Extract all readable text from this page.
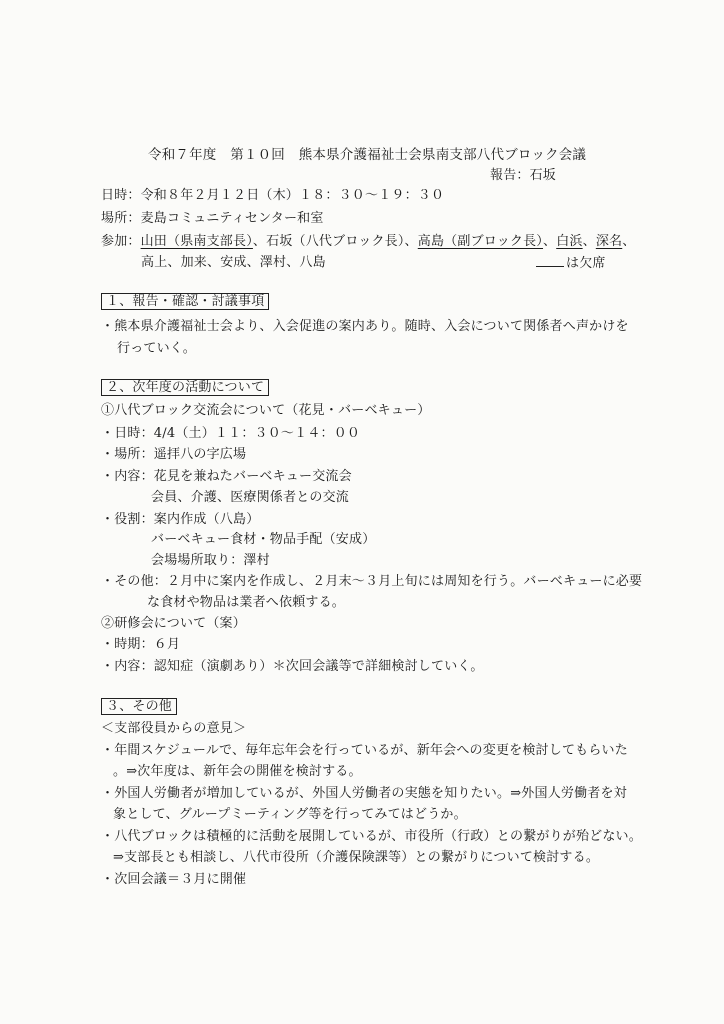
令和７年度　第１０回　熊本県介護福祉士会県南支部八代ブロック会議
報告：石坂
日時：令和８年２月１２日（木）１８：３０～１９：３０
場所：麦島コミュニティセンター和室
参加：山田（県南支部長）、石坂（八代ブロック長）、高島（副ブロック長）、白浜、深名、
高上、加来、安成、澤村、八島	は欠席
１、報告・確認・討議事項
・熊本県介護福祉士会より、入会促進の案内あり。随時、入会について関係者へ声かけを
行っていく。
２、次年度の活動について
①八代ブロック交流会について（花見・バーベキュー）
・日時：4/4（土）１１：３０～１４：００
・場所：遥拝八の字広場
・内容：花見を兼ねたバーベキュー交流会
会員、介護、医療関係者との交流
・役割：案内作成（八島）
バーベキュー食材・物品手配（安成）
会場場所取り：澤村
・その他：２月中に案内を作成し、２月末～３月上旬には周知を行う。バーベキューに必要
な食材や物品は業者へ依頼する。
②研修会について（案）
・時期：６月
・内容：認知症（演劇あり）＊次回会議等で詳細検討していく。
３、その他
＜支部役員からの意見＞
・年間スケジュールで、毎年忘年会を行っているが、新年会への変更を検討してもらいた
。⇒次年度は、新年会の開催を検討する。
・外国人労働者が増加しているが、外国人労働者の実態を知りたい。⇒外国人労働者を対
象として、グループミーティング等を行ってみてはどうか。
・八代ブロックは積極的に活動を展開しているが、市役所（行政）との繋がりが殆どない。
⇒支部長とも相談し、八代市役所（介護保険課等）との繋がりについて検討する。
・次回会議＝３月に開催
